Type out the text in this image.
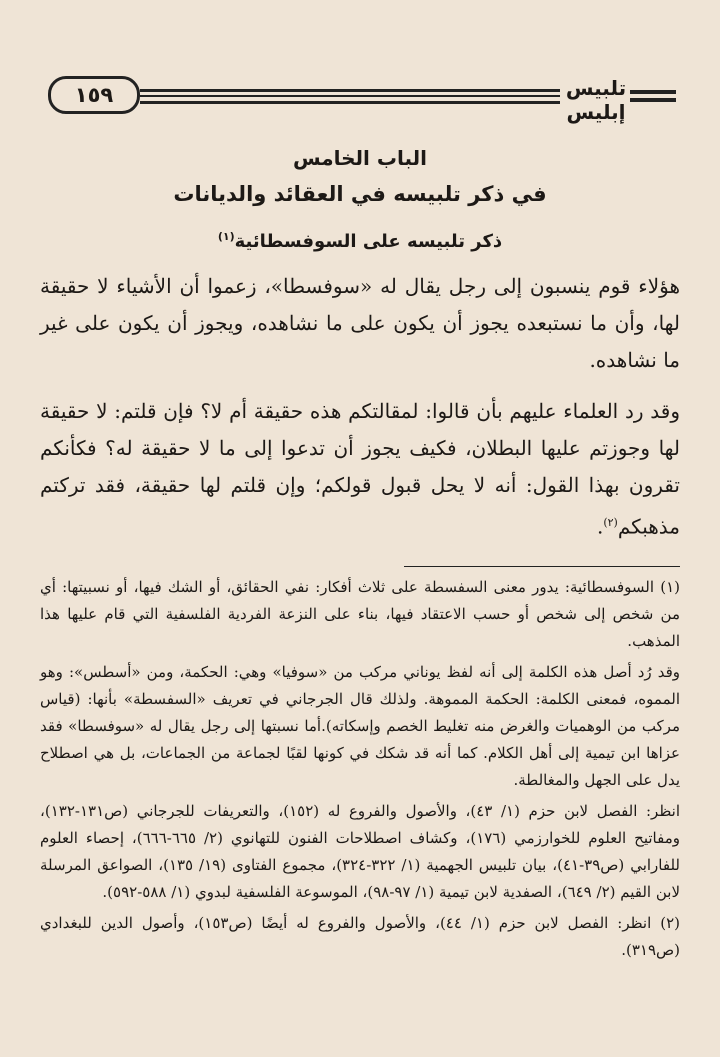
١٥٩	تلبيس إبليس
الباب الخامس
في ذكر تلبيسه في العقائد والديانات
ذكر تلبيسه على السوفسطائية$^{(١)}$

هؤلاء قوم ينسبون إلى رجل يقال له «سوفسطا»، زعموا أن الأشياء لا حقيقة لها، وأن ما نستبعده يجوز أن يكون على ما نشاهده، ويجوز أن يكون على غير ما نشاهده.

وقد رد العلماء عليهم بأن قالوا: لمقالتكم هذه حقيقة أم لا؟ فإن قلتم: لا حقيقة لها وجوزتم عليها البطلان، فكيف يجوز أن تدعوا إلى ما لا حقيقة له؟ فكأنكم تقرون بهذا القول: أنه لا يحل قبول قولكم؛ وإن قلتم لها حقيقة، فقد تركتم مذهبكم$^{(٢)}$.

(١) السوفسطائية: يدور معنى السفسطة على ثلاث أفكار: نفي الحقائق، أو الشك فيها، أو نسبيتها: أي من شخص إلى شخص أو حسب الاعتقاد فيها، بناء على النزعة الفردية الفلسفية التي قام عليها هذا المذهب.

وقد رُد أصل هذه الكلمة إلى أنه لفظ يوناني مركب من «سوفيا» وهي: الحكمة، ومن «أسطس»: وهو المموه، فمعنى الكلمة: الحكمة المموهة. ولذلك قال الجرجاني في تعريف «السفسطة» بأنها: (قياس مركب من الوهميات والغرض منه تغليط الخصم وإسكاته).أما نسبتها إلى رجل يقال له «سوفسطا» فقد عزاها ابن تيمية إلى أهل الكلام. كما أنه قد شكك في كونها لقبًا لجماعة من الجماعات، بل هي اصطلاح يدل على الجهل والمغالطة.

انظر: الفصل لابن حزم (١/ ٤٣)، والأصول والفروع له (١٥٢)، والتعريفات للجرجاني (ص١٣١-١٣٢)، ومفاتيح العلوم للخوارزمي (١٧٦)، وكشاف اصطلاحات الفنون للتهانوي (٢/ ٦٦٥-٦٦٦)، إحصاء العلوم للفارابي (ص٣٩-٤١)، بيان تلبيس الجهمية (١/ ٣٢٢-٣٢٤)، مجموع الفتاوى (١٩/ ١٣٥)، الصواعق المرسلة لابن القيم (٢/ ٦٤٩)، الصفدية لابن تيمية (١/ ٩٧-٩٨)، الموسوعة الفلسفية لبدوي (١/ ٥٨٨-٥٩٢).

(٢) انظر: الفصل لابن حزم (١/ ٤٤)، والأصول والفروع له أيضًا (ص١٥٣)، وأصول الدين للبغدادي (ص٣١٩).
